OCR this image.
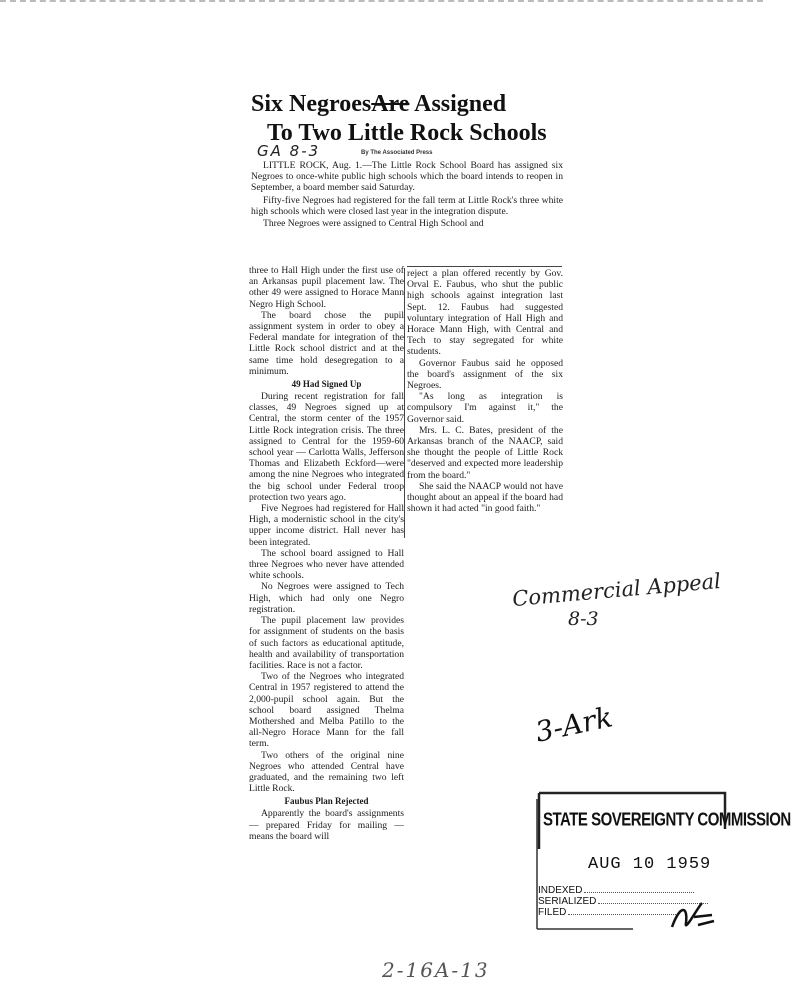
Six NegroesAre Assigned
To Two Little Rock Schools
GA 8-3	By The Associated Press

LITTLE ROCK, Aug. 1.—The Little Rock School Board has assigned six Negroes to once-white public high schools which the board intends to reopen in September, a board member said Saturday.

Fifty-five Negroes had registered for the fall term at Little Rock's three white high schools which were closed last year in the integration dispute.

Three Negroes were assigned to Central High School and

three to Hall High under the first use of an Arkansas pupil placement law. The other 49 were assigned to Horace Mann Negro High School.

The board chose the pupil assignment system in order to obey a Federal mandate for integration of the Little Rock school district and at the same time hold desegregation to a minimum.

49 Had Signed Up

During recent registration for fall classes, 49 Negroes signed up at Central, the storm center of the 1957 Little Rock integration crisis. The three assigned to Central for the 1959-60 school year — Carlotta Walls, Jefferson Thomas and Elizabeth Eckford—were among the nine Negroes who integrated the big school under Federal troop protection two years ago.

Five Negroes had registered for Hall High, a modernistic school in the city's upper income district. Hall never has been integrated.

The school board assigned to Hall three Negroes who never have attended white schools.

No Negroes were assigned to Tech High, which had only one Negro registration.

The pupil placement law provides for assignment of students on the basis of such factors as educational aptitude, health and availability of transportation facilities. Race is not a factor.

Two of the Negroes who integrated Central in 1957 registered to attend the 2,000-pupil school again. But the school board assigned Thelma Mothershed and Melba Patillo to the all-Negro Horace Mann for the fall term.

Two others of the original nine Negroes who attended Central have graduated, and the remaining two left Little Rock.

Faubus Plan Rejected

Apparently the board's assignments — prepared Friday for mailing — means the board will

reject a plan offered recently by Gov. Orval E. Faubus, who shut the public high schools against integration last Sept. 12. Faubus had suggested voluntary integration of Hall High and Horace Mann High, with Central and Tech to stay segregated for white students.

Governor Faubus said he opposed the board's assignment of the six Negroes.

"As long as integration is compulsory I'm against it," the Governor said.

Mrs. L. C. Bates, president of the Arkansas branch of the NAACP, said she thought the people of Little Rock "deserved and expected more leadership from the board."

She said the NAACP would not have thought about an appeal if the board had shown it had acted "in good faith."

Commercial Appeal
8-3
3-Ark
STATE SOVEREIGNTY COMMISSION
AUG 10 1959
INDEXED
SERIALIZED
FILED
2-16A-13
